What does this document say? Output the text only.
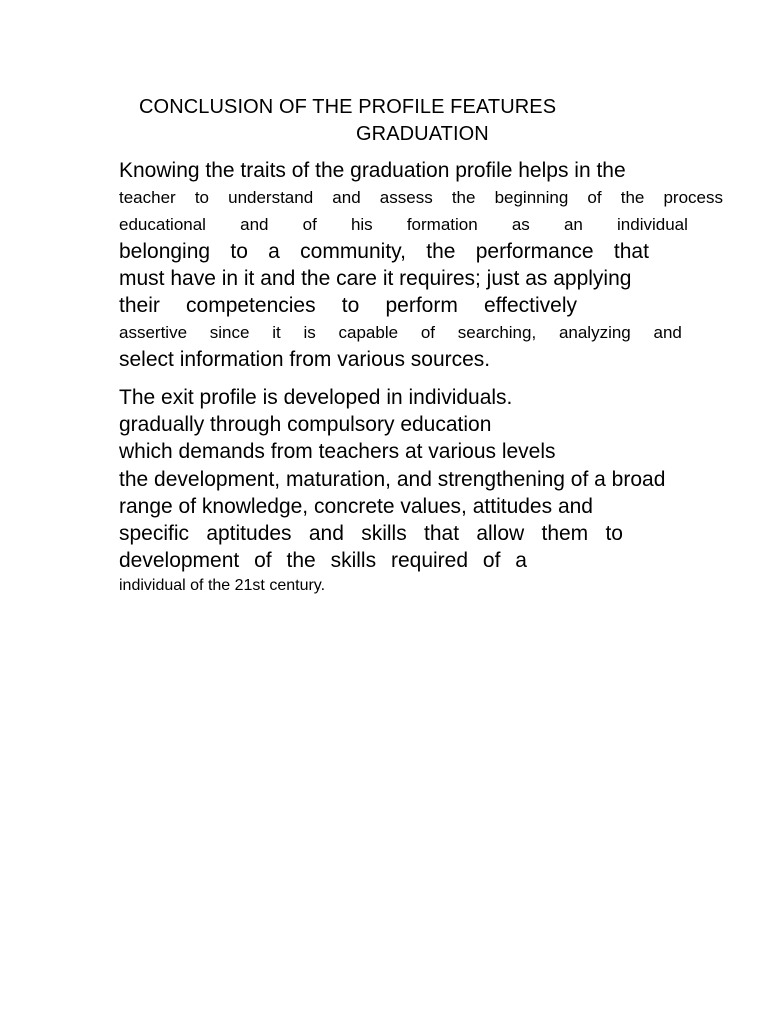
CONCLUSION OF THE PROFILE FEATURES
GRADUATION
Knowing the traits of the graduation profile helps in the
teacher to understand and assess the beginning of the process
educational and of his formation as an individual
belonging to a community, the performance that
must have in it and the care it requires; just as applying
their competencies to perform effectively
assertive since it is capable of searching, analyzing and
select information from various sources.
The exit profile is developed in individuals.
gradually through compulsory education
which demands from teachers at various levels
the development, maturation, and strengthening of a broad
range of knowledge, concrete values, attitudes and
specific aptitudes and skills that allow them to
development of the skills required of a
individual of the 21st century.
